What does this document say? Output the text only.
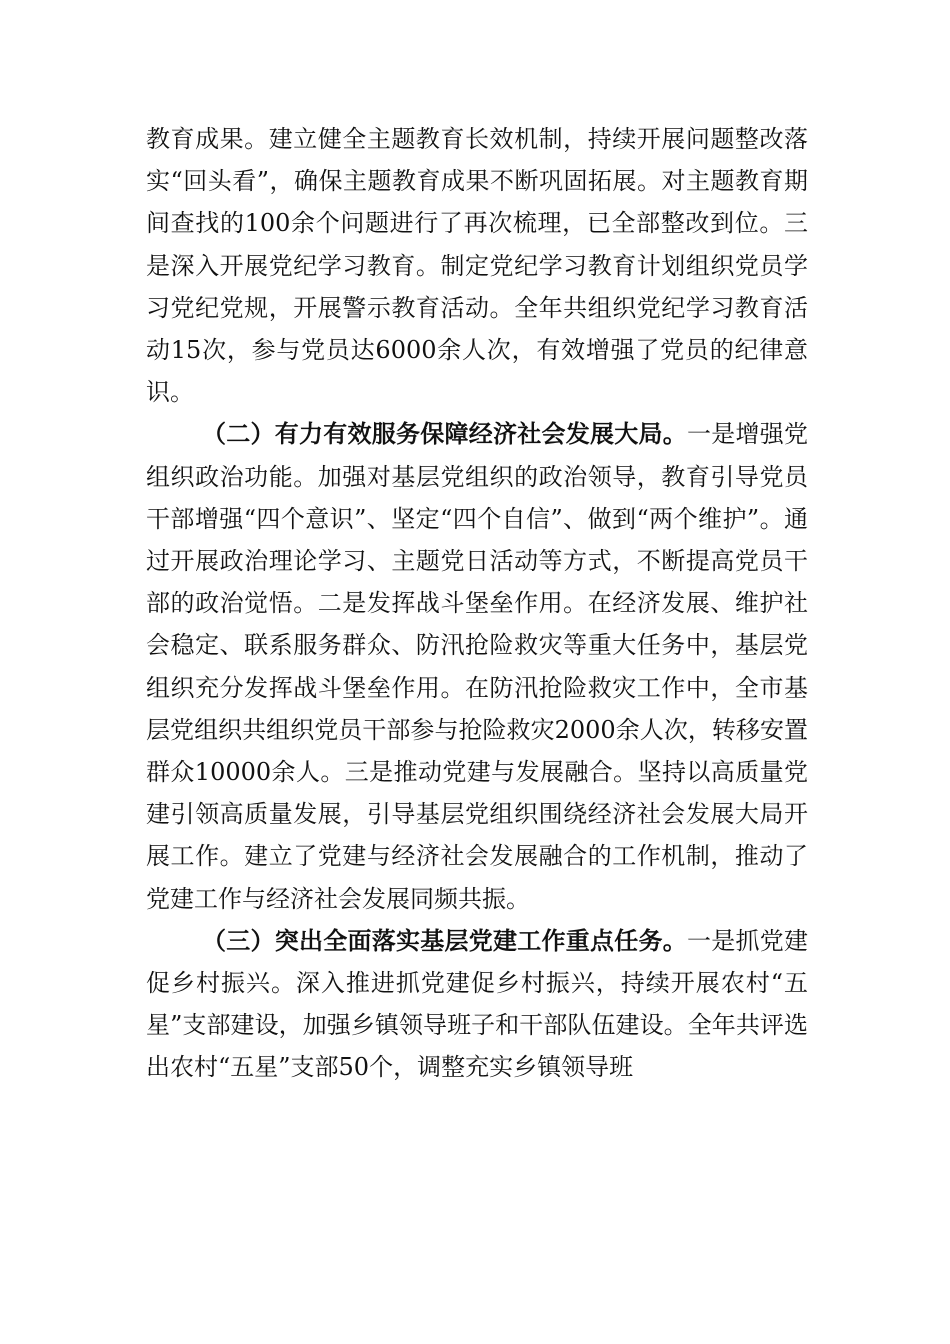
教育成果。建立健全主题教育长效机制，持续开展问题整改落实“回头看”，确保主题教育成果不断巩固拓展。对主题教育期间查找的100余个问题进行了再次梳理，已全部整改到位。三是深入开展党纪学习教育。制定党纪学习教育计划组织党员学习党纪党规，开展警示教育活动。全年共组织党纪学习教育活动15次，参与党员达6000余人次，有效增强了党员的纪律意识。

（二）有力有效服务保障经济社会发展大局。一是增强党组织政治功能。加强对基层党组织的政治领导，教育引导党员干部增强“四个意识”、坚定“四个自信”、做到“两个维护”。通过开展政治理论学习、主题党日活动等方式，不断提高党员干部的政治觉悟。二是发挥战斗堡垒作用。在经济发展、维护社会稳定、联系服务群众、防汛抢险救灾等重大任务中，基层党组织充分发挥战斗堡垒作用。在防汛抢险救灾工作中，全市基层党组织共组织党员干部参与抢险救灾2000余人次，转移安置群众10000余人。三是推动党建与发展融合。坚持以高质量党建引领高质量发展，引导基层党组织围绕经济社会发展大局开展工作。建立了党建与经济社会发展融合的工作机制，推动了党建工作与经济社会发展同频共振。

（三）突出全面落实基层党建工作重点任务。一是抓党建促乡村振兴。深入推进抓党建促乡村振兴，持续开展农村“五星”支部建设，加强乡镇领导班子和干部队伍建设。全年共评选出农村“五星”支部50个，调整充实乡镇领导班
